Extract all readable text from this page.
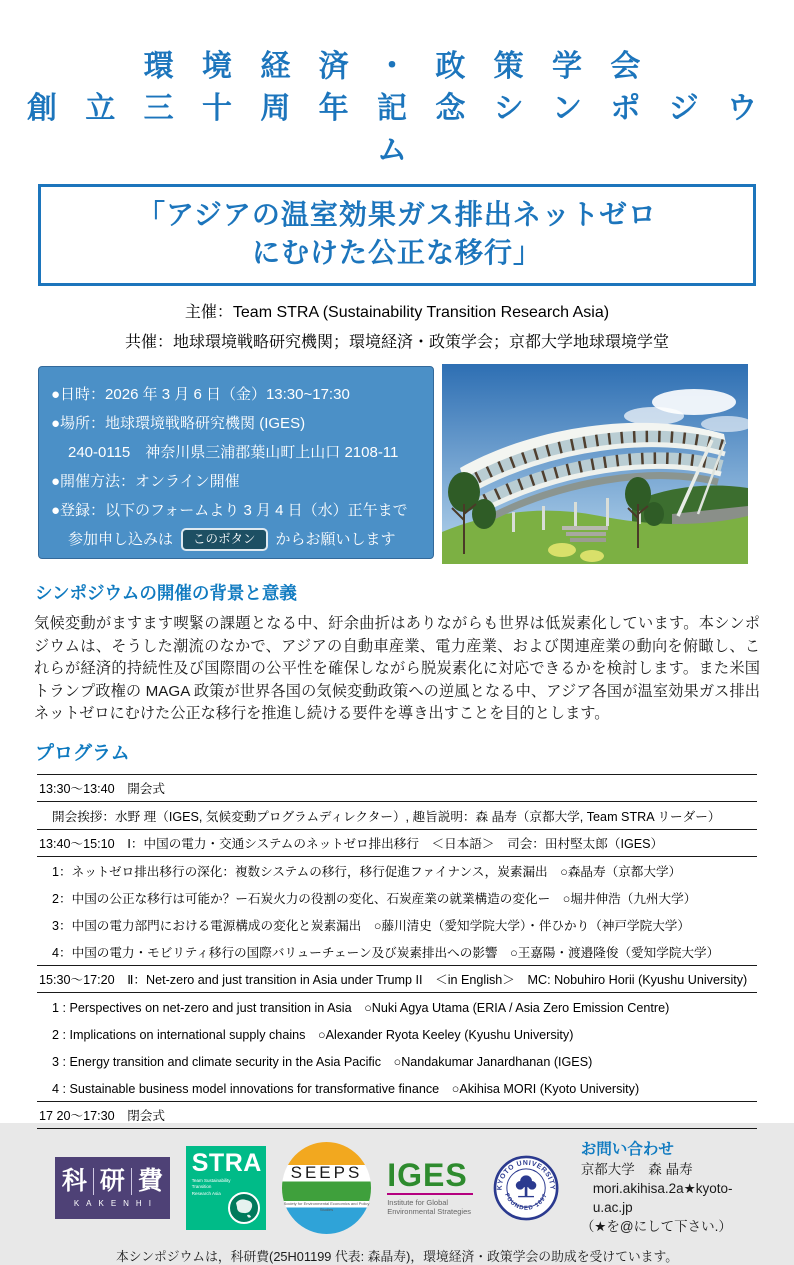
環 境 経 済 ・ 政 策 学 会
創 立 三 十 周 年 記 念 シ ン ポ ジ ウ ム
「アジアの温室効果ガス排出ネットゼロ
にむけた公正な移行」
主催：Team STRA (Sustainability Transition Research Asia)
共催：地球環境戦略研究機関；環境経済・政策学会；京都大学地球環境学堂
●日時：2026 年 3 月 6 日（金）13:30~17:30
●場所：地球環境戦略研究機関 (IGES)
240-0115　神奈川県三浦郡葉山町上山口 2108-11
●開催方法：オンライン開催
●登録：以下のフォームより 3 月 4 日（水）正午まで
参加申し込みは	このボタン	からお願いします
シンポジウムの開催の背景と意義
気候変動がますます喫緊の課題となる中、紆余曲折はありながらも世界は低炭素化しています。本シンポジウムは、そうした潮流のなかで、アジアの自動車産業、電力産業、および関連産業の動向を俯瞰し、これらが経済的持続性及び国際間の公平性を確保しながら脱炭素化に対応できるかを検討します。また米国トランプ政権の MAGA 政策が世界各国の気候変動政策への逆風となる中、アジア各国が温室効果ガス排出ネットゼロにむけた公正な移行を推進し続ける要件を導き出すことを目的とします。
プログラム
13:30～13:40　開会式
開会挨拶：水野 理（IGES, 気候変動プログラムディレクター）, 趣旨説明：森 晶寿（京都大学, Team STRA リーダー）
13:40～15:10　Ⅰ：中国の電力・交通システムのネットゼロ排出移行　＜日本語＞　司会：田村堅太郎（IGES）
1：ネットゼロ排出移行の深化：複数システムの移行，移行促進ファイナンス，炭素漏出　○森晶寿（京都大学）
2：中国の公正な移行は可能か？ー石炭火力の役割の変化、石炭産業の就業構造の変化ー　○堀井伸浩（九州大学）
3：中国の電力部門における電源構成の変化と炭素漏出　○藤川清史（愛知学院大学）・伴ひかり（神戸学院大学）
4：中国の電力・モビリティ移行の国際バリューチェーン及び炭素排出への影響　○王嘉陽・渡邉隆俊（愛知学院大学）
15:30～17:20　Ⅱ：Net-zero and just transition in Asia under Trump II　＜in English＞　MC: Nobuhiro Horii (Kyushu University)
1 : Perspectives on net-zero and just transition in Asia　○Nuki Agya Utama (ERIA / Asia Zero Emission Centre)
2 : Implications on international supply chains　○Alexander Ryota Keeley (Kyushu University)
3 : Energy transition and climate security in the Asia Pacific　○Nandakumar Janardhanan (IGES)
4 : Sustainable business model innovations for transformative finance　○Akihisa MORI (Kyoto University)
17 20～17:30　閉会式
科 研 費
KAKENHI
STRA
Team Sustainability Transition
Research Asia
SEEPS
Society for Environmental Economics and Policy Studies
IGES
Institute for Global
Environmental Strategies
KYOTO UNIVERSITY
FOUNDED 1897
お問い合わせ
京都大学　森 晶寿
mori.akihisa.2a★kyoto-u.ac.jp
（★を@にして下さい.）
本シンポジウムは，科研費(25H01199 代表: 森晶寿)，環境経済・政策学会の助成を受けています。
